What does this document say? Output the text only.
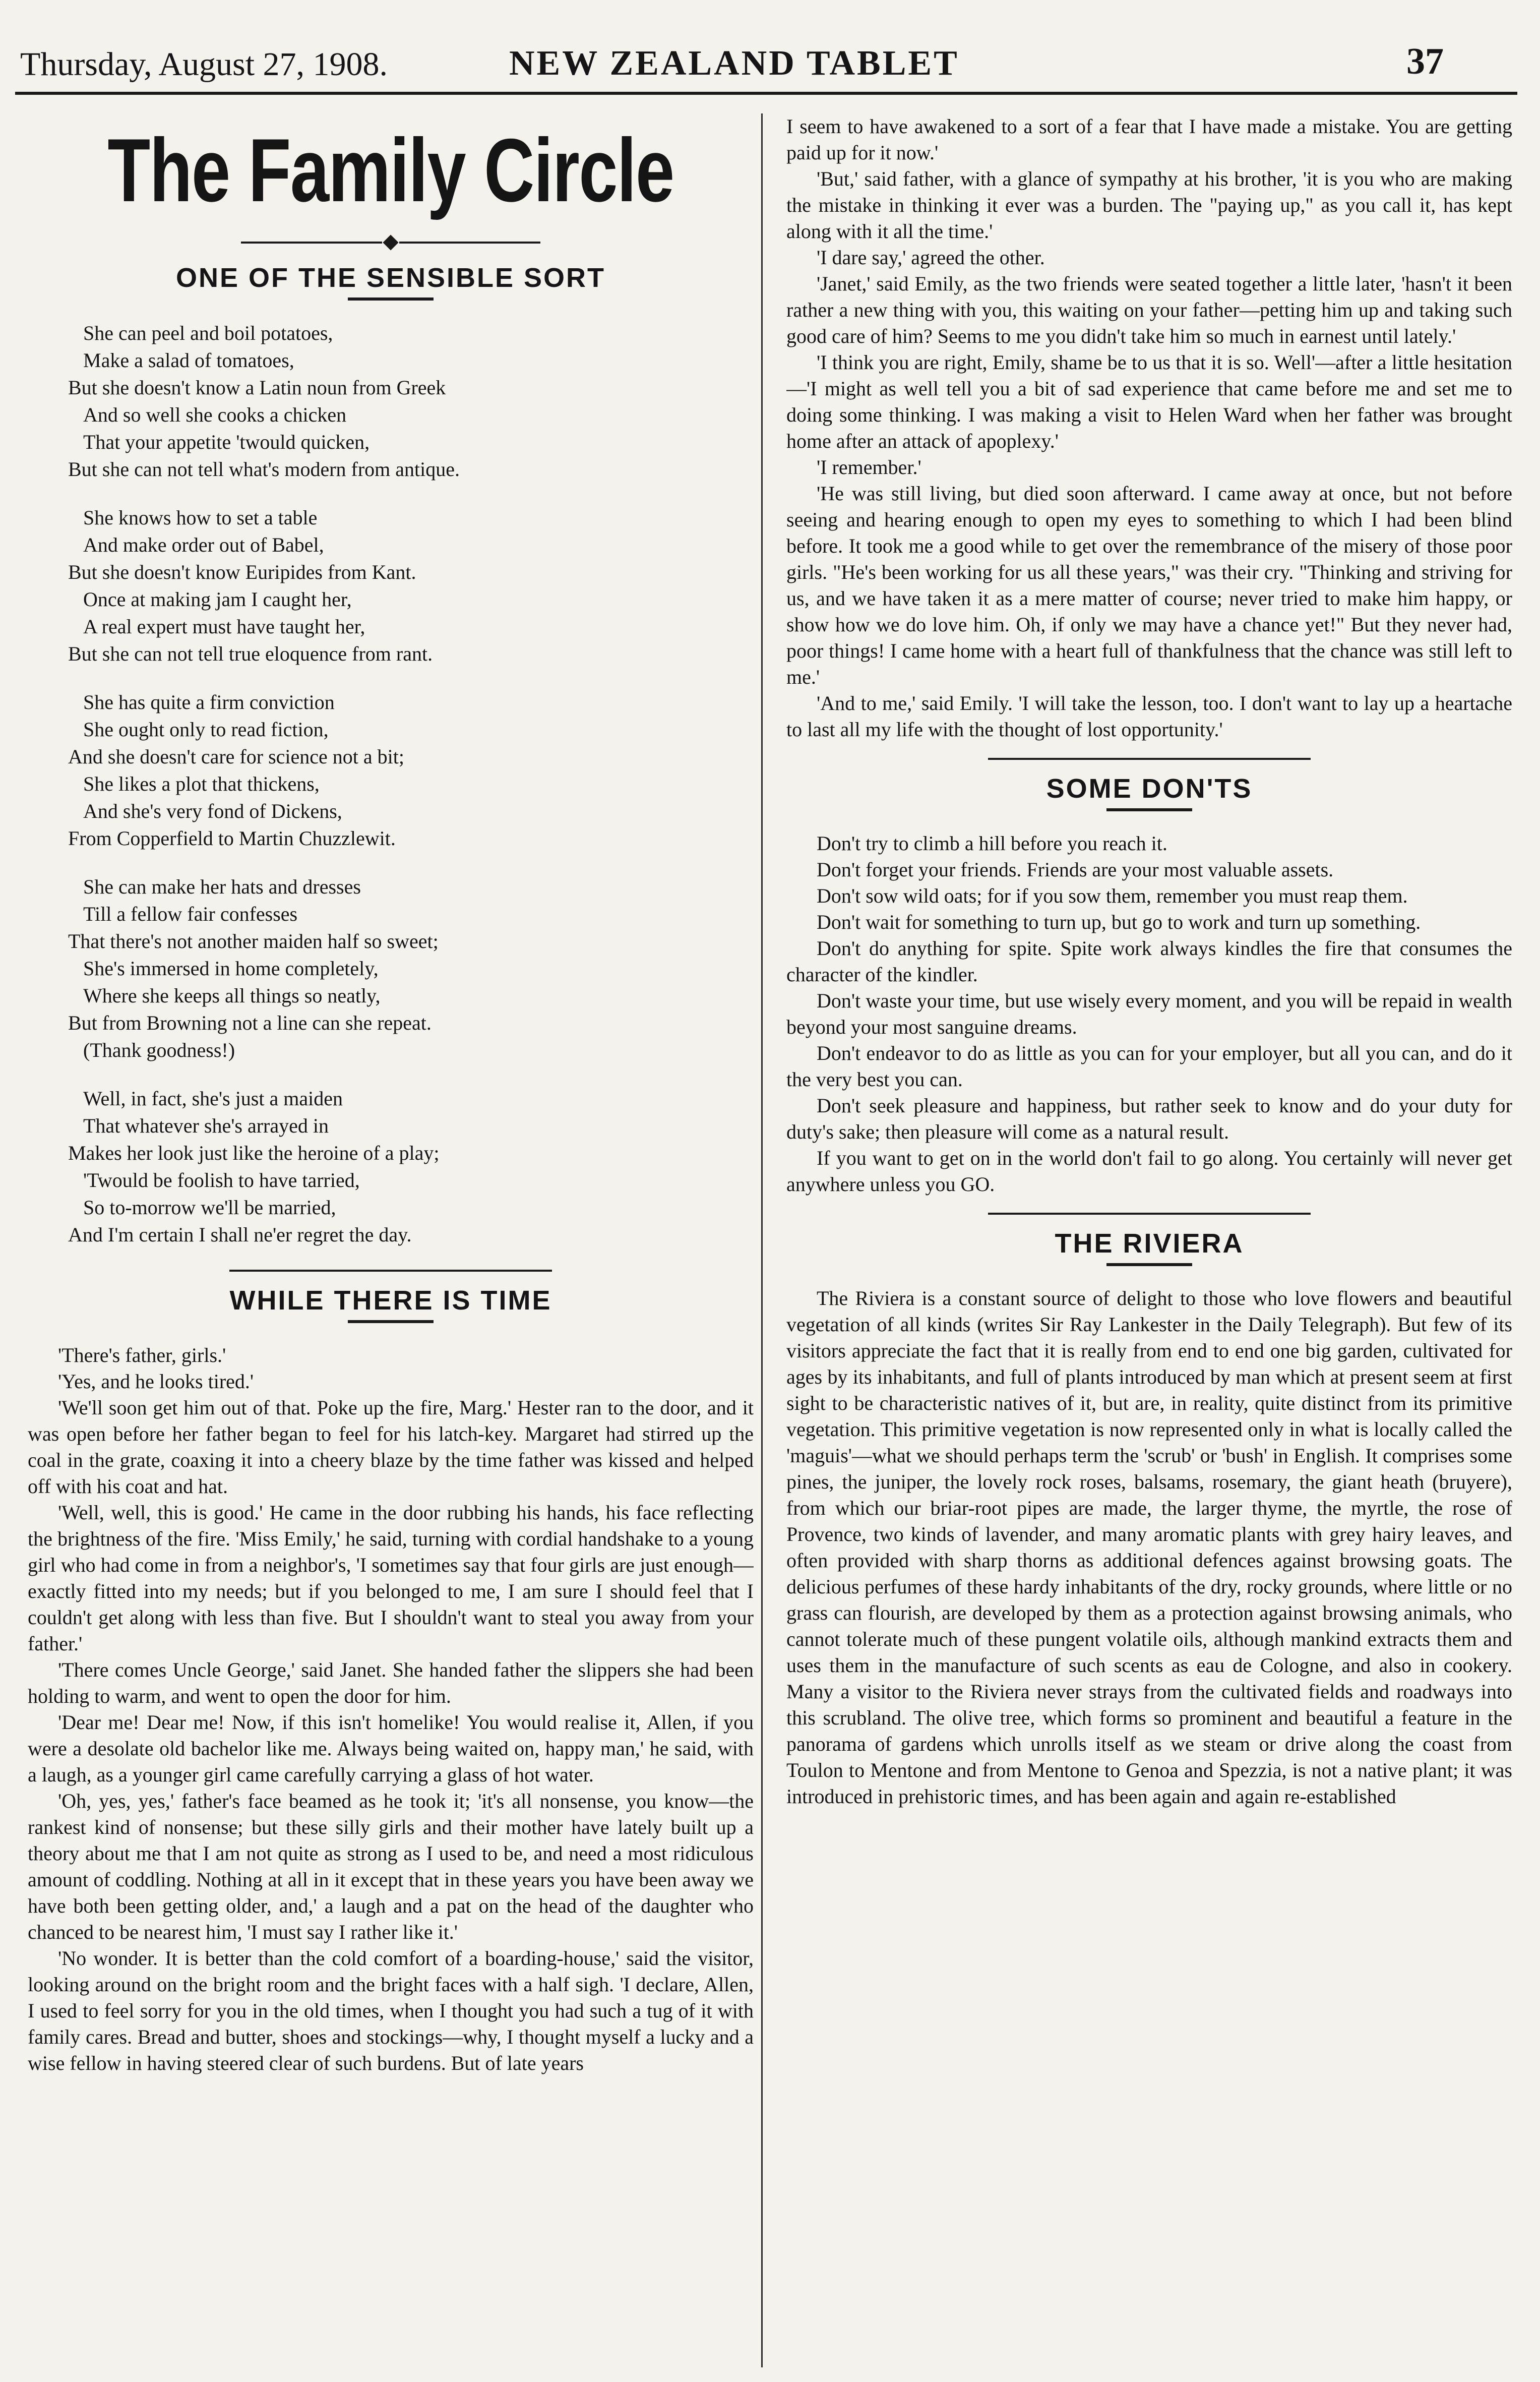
Thursday, August 27, 1908.	NEW ZEALAND TABLET	37
The Family Circle
ONE OF THE SENSIBLE SORT
She can peel and boil potatoes,
Make a salad of tomatoes,
But she doesn't know a Latin noun from Greek
And so well she cooks a chicken
That your appetite 'twould quicken,
But she can not tell what's modern from antique.
She knows how to set a table
And make order out of Babel,
But she doesn't know Euripides from Kant.
Once at making jam I caught her,
A real expert must have taught her,
But she can not tell true eloquence from rant.
She has quite a firm conviction
She ought only to read fiction,
And she doesn't care for science not a bit;
She likes a plot that thickens,
And she's very fond of Dickens,
From Copperfield to Martin Chuzzlewit.
She can make her hats and dresses
Till a fellow fair confesses
That there's not another maiden half so sweet;
She's immersed in home completely,
Where she keeps all things so neatly,
But from Browning not a line can she repeat.
(Thank goodness!)
Well, in fact, she's just a maiden
That whatever she's arrayed in
Makes her look just like the heroine of a play;
'Twould be foolish to have tarried,
So to-morrow we'll be married,
And I'm certain I shall ne'er regret the day.
WHILE THERE IS TIME

'There's father, girls.'

'Yes, and he looks tired.'

'We'll soon get him out of that. Poke up the fire, Marg.' Hester ran to the door, and it was open before her father began to feel for his latch-key. Margaret had stirred up the coal in the grate, coaxing it into a cheery blaze by the time father was kissed and helped off with his coat and hat.

'Well, well, this is good.' He came in the door rubbing his hands, his face reflecting the brightness of the fire. 'Miss Emily,' he said, turning with cordial handshake to a young girl who had come in from a neighbor's, 'I sometimes say that four girls are just enough—exactly fitted into my needs; but if you belonged to me, I am sure I should feel that I couldn't get along with less than five. But I shouldn't want to steal you away from your father.'

'There comes Uncle George,' said Janet. She handed father the slippers she had been holding to warm, and went to open the door for him.

'Dear me! Dear me! Now, if this isn't homelike! You would realise it, Allen, if you were a desolate old bachelor like me. Always being waited on, happy man,' he said, with a laugh, as a younger girl came carefully carrying a glass of hot water.

'Oh, yes, yes,' father's face beamed as he took it; 'it's all nonsense, you know—the rankest kind of nonsense; but these silly girls and their mother have lately built up a theory about me that I am not quite as strong as I used to be, and need a most ridiculous amount of coddling. Nothing at all in it except that in these years you have been away we have both been getting older, and,' a laugh and a pat on the head of the daughter who chanced to be nearest him, 'I must say I rather like it.'

'No wonder. It is better than the cold comfort of a boarding-house,' said the visitor, looking around on the bright room and the bright faces with a half sigh. 'I declare, Allen, I used to feel sorry for you in the old times, when I thought you had such a tug of it with family cares. Bread and butter, shoes and stockings—why, I thought myself a lucky and a wise fellow in having steered clear of such burdens. But of late years

I seem to have awakened to a sort of a fear that I have made a mistake. You are getting paid up for it now.'

'But,' said father, with a glance of sympathy at his brother, 'it is you who are making the mistake in thinking it ever was a burden. The "paying up," as you call it, has kept along with it all the time.'

'I dare say,' agreed the other.

'Janet,' said Emily, as the two friends were seated together a little later, 'hasn't it been rather a new thing with you, this waiting on your father—petting him up and taking such good care of him? Seems to me you didn't take him so much in earnest until lately.'

'I think you are right, Emily, shame be to us that it is so. Well'—after a little hesitation—'I might as well tell you a bit of sad experience that came before me and set me to doing some thinking. I was making a visit to Helen Ward when her father was brought home after an attack of apoplexy.'

'I remember.'

'He was still living, but died soon afterward. I came away at once, but not before seeing and hearing enough to open my eyes to something to which I had been blind before. It took me a good while to get over the remembrance of the misery of those poor girls. "He's been working for us all these years," was their cry. "Thinking and striving for us, and we have taken it as a mere matter of course; never tried to make him happy, or show how we do love him. Oh, if only we may have a chance yet!" But they never had, poor things! I came home with a heart full of thankfulness that the chance was still left to me.'

'And to me,' said Emily. 'I will take the lesson, too. I don't want to lay up a heartache to last all my life with the thought of lost opportunity.'

SOME DON'TS

Don't try to climb a hill before you reach it.

Don't forget your friends. Friends are your most valuable assets.

Don't sow wild oats; for if you sow them, remember you must reap them.

Don't wait for something to turn up, but go to work and turn up something.

Don't do anything for spite. Spite work always kindles the fire that consumes the character of the kindler.

Don't waste your time, but use wisely every moment, and you will be repaid in wealth beyond your most sanguine dreams.

Don't endeavor to do as little as you can for your employer, but all you can, and do it the very best you can.

Don't seek pleasure and happiness, but rather seek to know and do your duty for duty's sake; then pleasure will come as a natural result.

If you want to get on in the world don't fail to go along. You certainly will never get anywhere unless you GO.

THE RIVIERA

The Riviera is a constant source of delight to those who love flowers and beautiful vegetation of all kinds (writes Sir Ray Lankester in the Daily Telegraph). But few of its visitors appreciate the fact that it is really from end to end one big garden, cultivated for ages by its inhabitants, and full of plants introduced by man which at present seem at first sight to be characteristic natives of it, but are, in reality, quite distinct from its primitive vegetation. This primitive vegetation is now represented only in what is locally called the 'maguis'—what we should perhaps term the 'scrub' or 'bush' in English. It comprises some pines, the juniper, the lovely rock roses, balsams, rosemary, the giant heath (bruyere), from which our briar-root pipes are made, the larger thyme, the myrtle, the rose of Provence, two kinds of lavender, and many aromatic plants with grey hairy leaves, and often provided with sharp thorns as additional defences against browsing goats. The delicious perfumes of these hardy inhabitants of the dry, rocky grounds, where little or no grass can flourish, are developed by them as a protection against browsing animals, who cannot tolerate much of these pungent volatile oils, although mankind extracts them and uses them in the manufacture of such scents as eau de Cologne, and also in cookery. Many a visitor to the Riviera never strays from the cultivated fields and roadways into this scrubland. The olive tree, which forms so prominent and beautiful a feature in the panorama of gardens which unrolls itself as we steam or drive along the coast from Toulon to Mentone and from Mentone to Genoa and Spezzia, is not a native plant; it was introduced in prehistoric times, and has been again and again re-established
